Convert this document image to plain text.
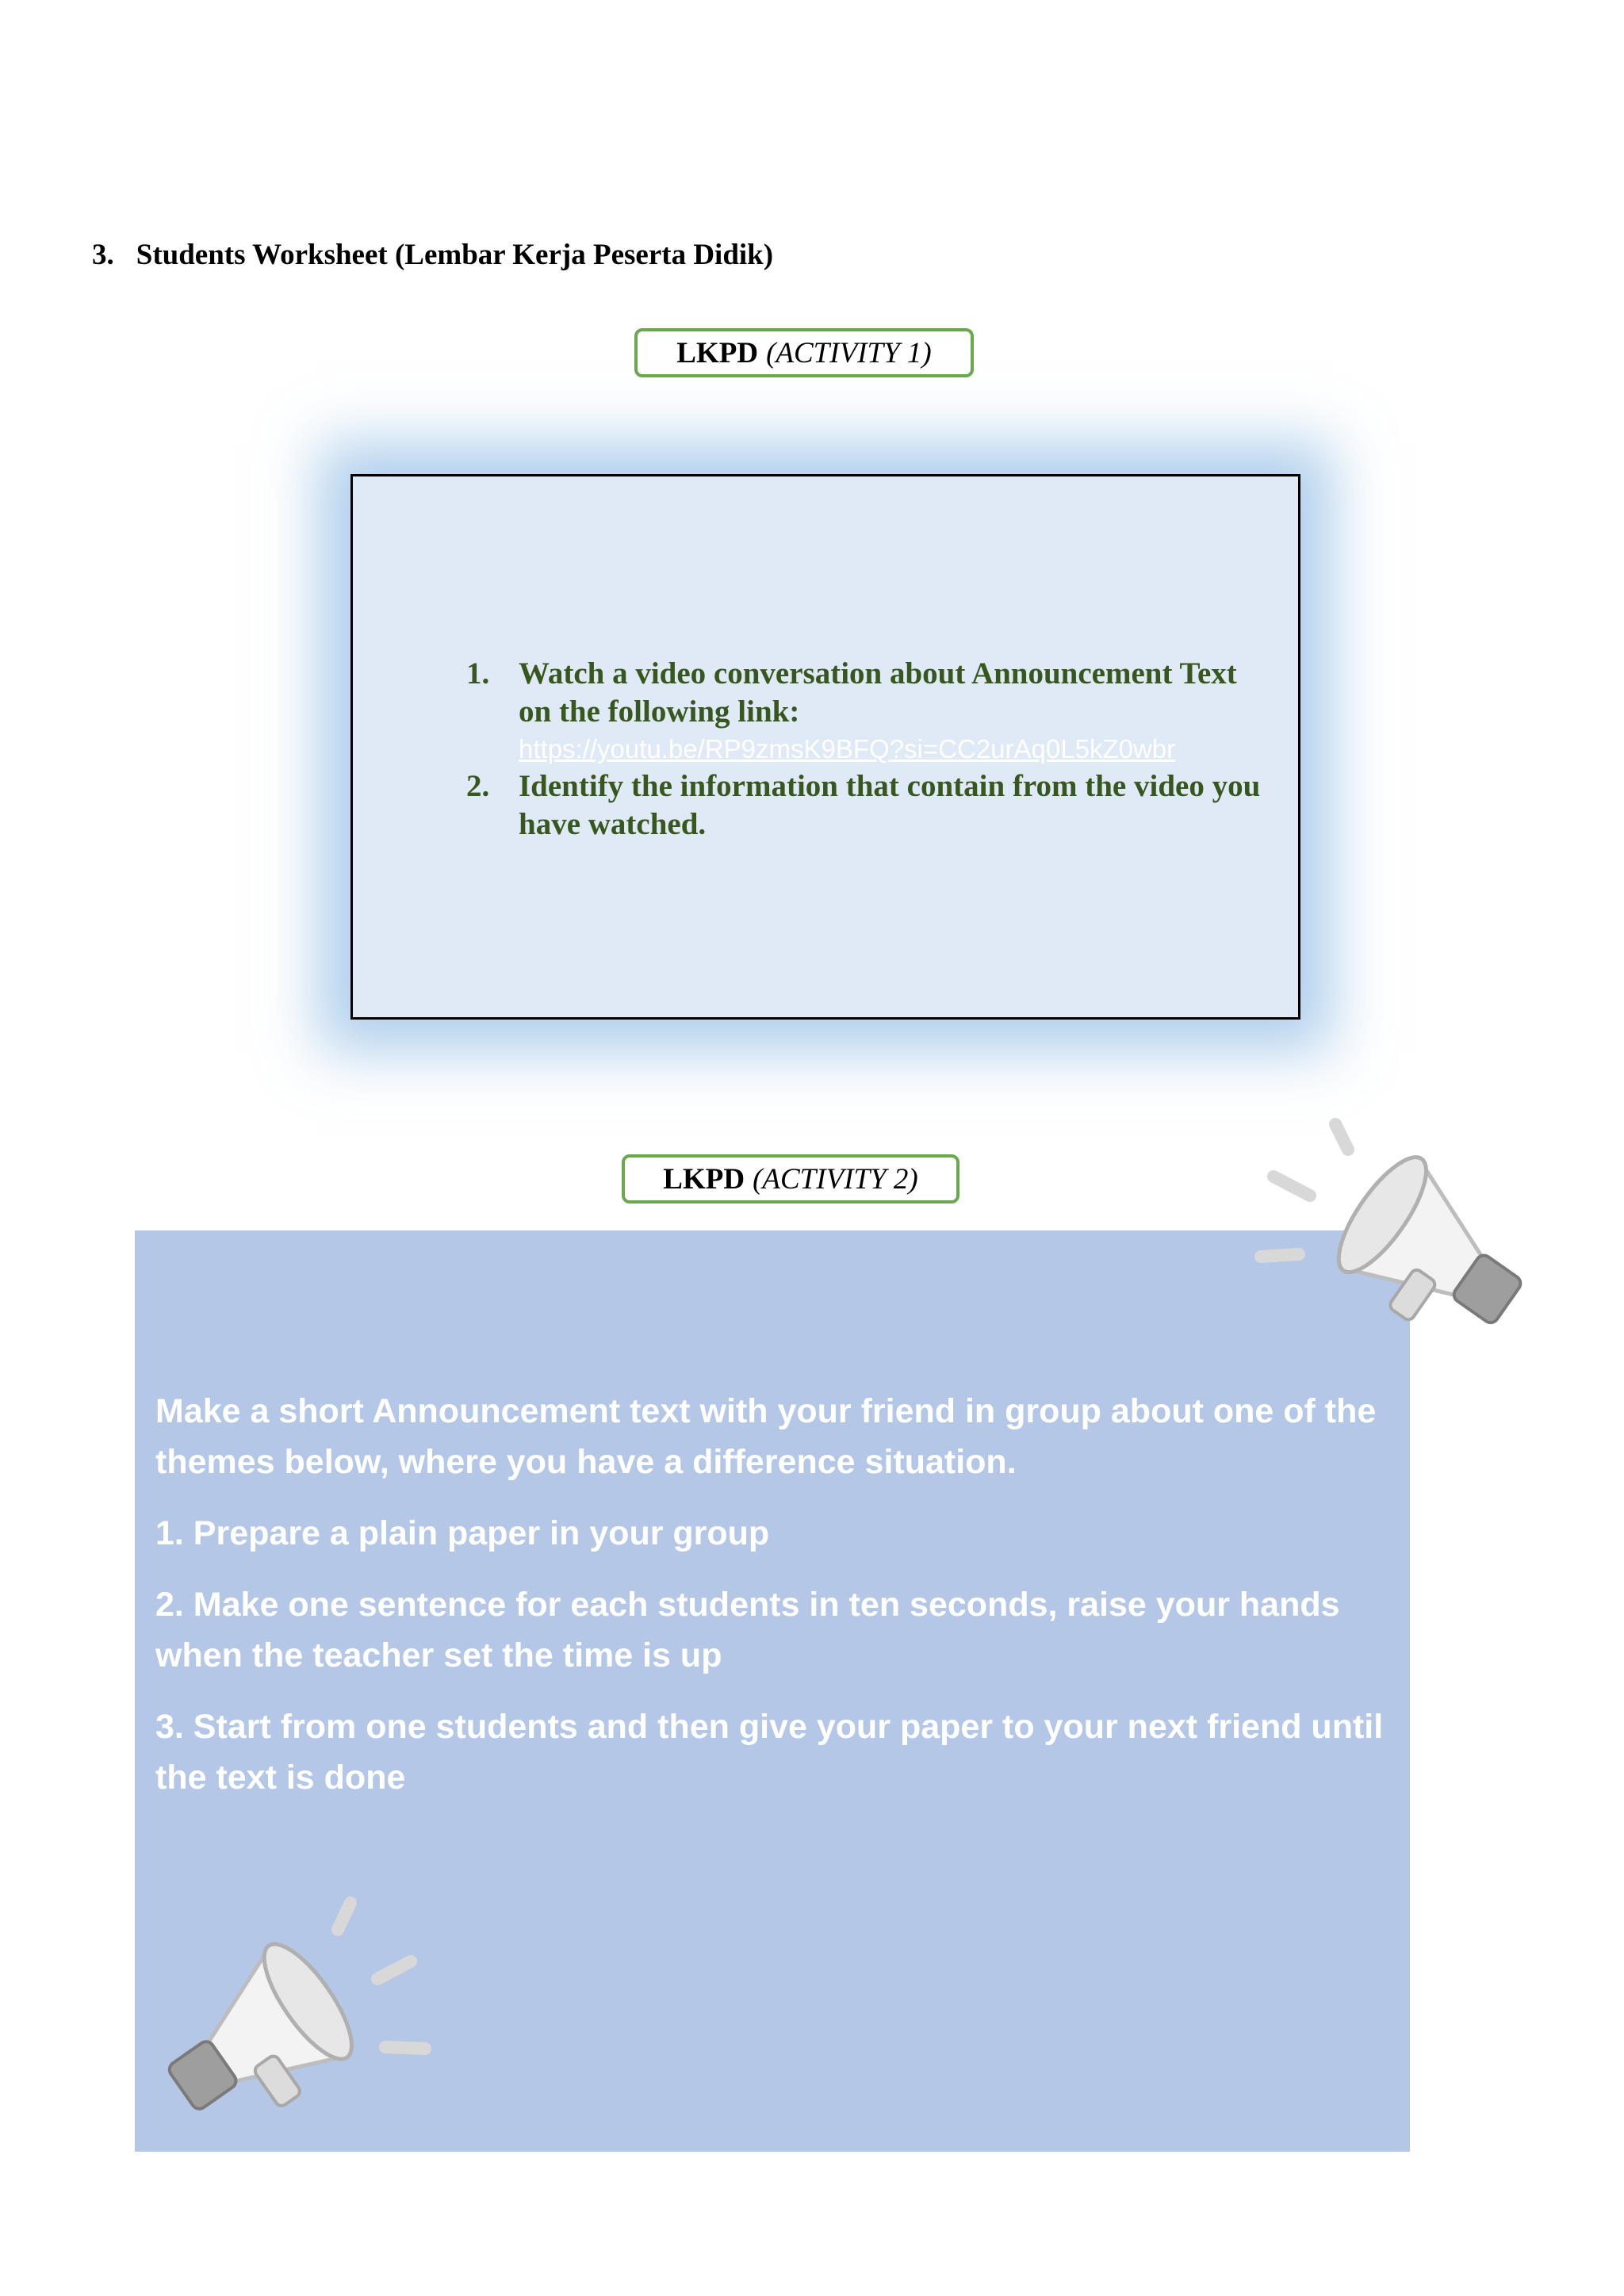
3. Students Worksheet (Lembar Kerja Peserta Didik)
LKPD (ACTIVITY 1)
1. Watch a video conversation about Announcement Text on the following link:
https://youtu.be/RP9zmsK9BFQ?si=CC2urAq0L5kZ0wbr
2. Identify the information that contain from the video you have watched.
LKPD (ACTIVITY 2)

Make a short Announcement text with your friend in group about one of the themes below, where you have a difference situation.

1. Prepare a plain paper in your group

2. Make one sentence for each students in ten seconds, raise your hands when the teacher set the time is up

3. Start from one students and then give your paper to your next friend until the text is done
